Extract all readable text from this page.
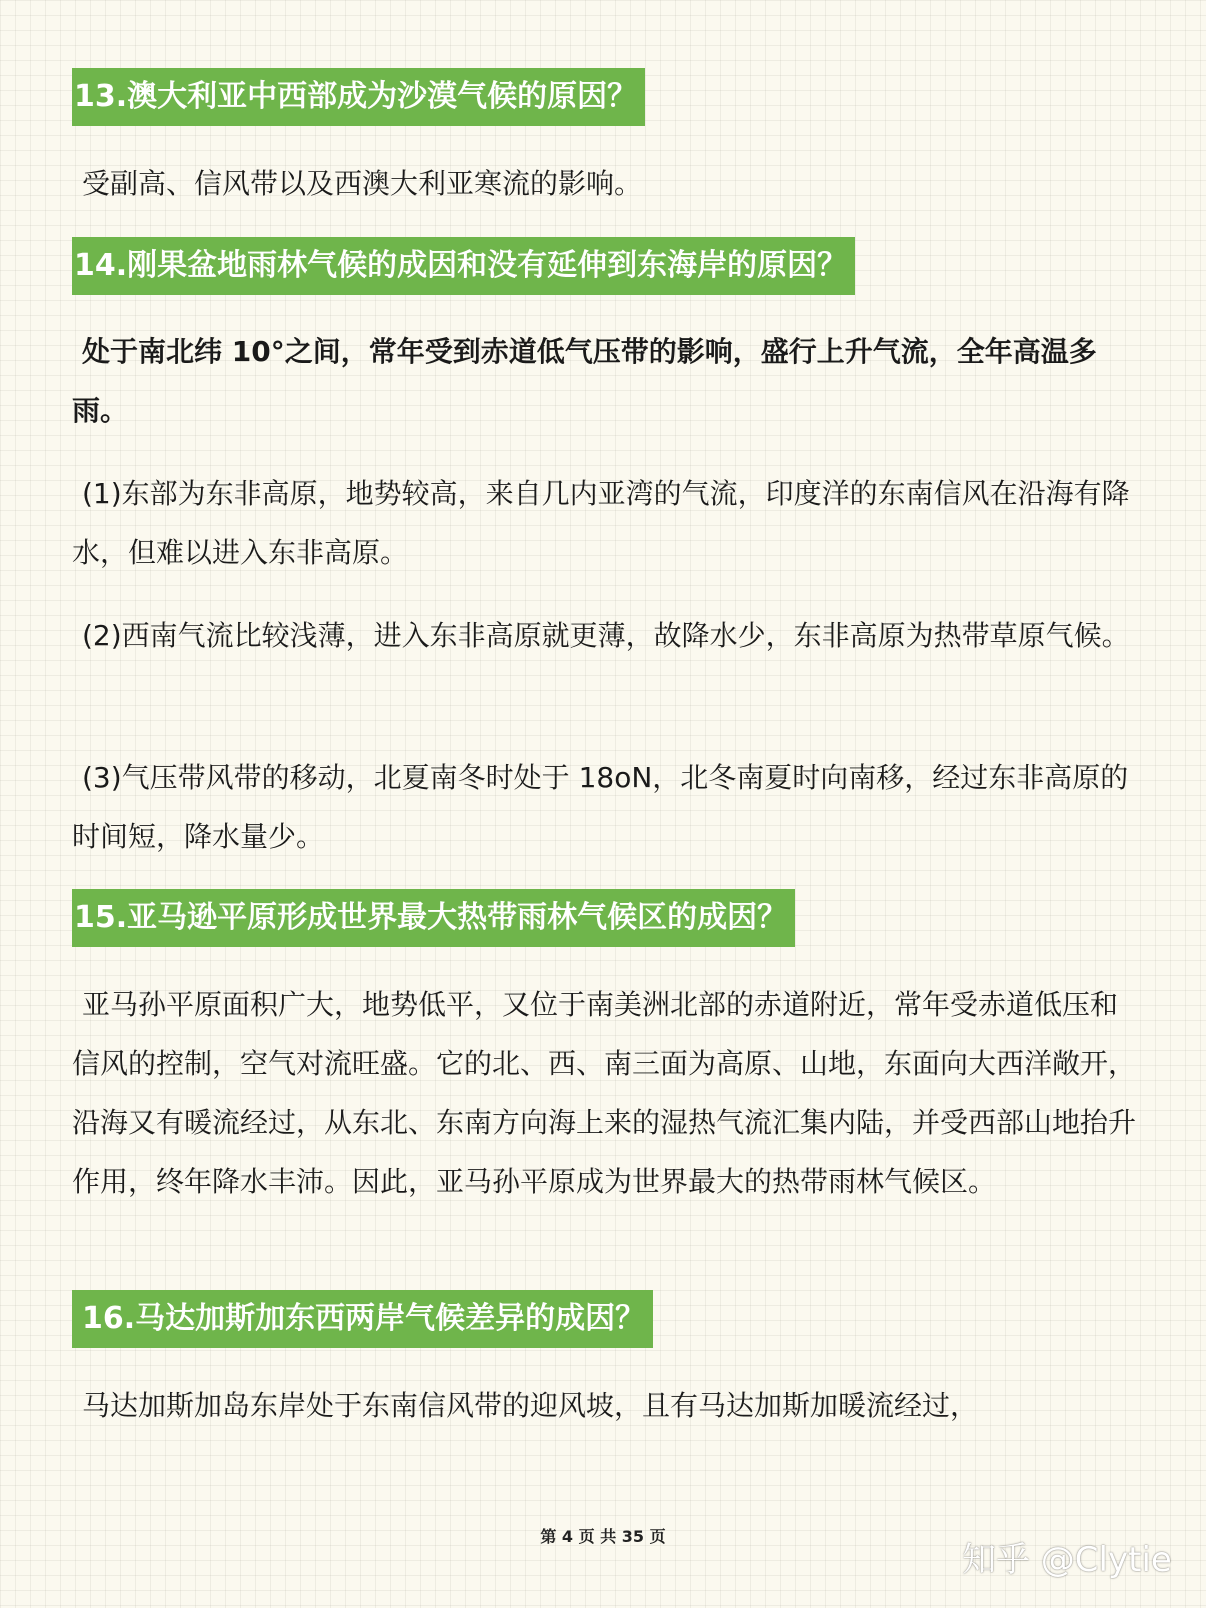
13.澳大利亚中西部成为沙漠气候的原因？

受副高、信风带以及西澳大利亚寒流的影响。

14.刚果盆地雨林气候的成因和没有延伸到东海岸的原因？

处于南北纬 10°之间，常年受到赤道低气压带的影响，盛行上升气流，全年高温多雨。

(1)东部为东非高原，地势较高，来自几内亚湾的气流，印度洋的东南信风在沿海有降水，但难以进入东非高原。

(2)西南气流比较浅薄，进入东非高原就更薄，故降水少，东非高原为热带草原气候。

(3)气压带风带的移动，北夏南冬时处于 18oN，北冬南夏时向南移，经过东非高原的时间短，降水量少。

15.亚马逊平原形成世界最大热带雨林气候区的成因？

亚马孙平原面积广大，地势低平，又位于南美洲北部的赤道附近，常年受赤道低压和信风的控制，空气对流旺盛。它的北、西、南三面为高原、山地，东面向大西洋敞开，沿海又有暖流经过，从东北、东南方向海上来的湿热气流汇集内陆，并受西部山地抬升作用，终年降水丰沛。因此，亚马孙平原成为世界最大的热带雨林气候区。

16.马达加斯加东西两岸气候差异的成因？

马达加斯加岛东岸处于东南信风带的迎风坡，且有马达加斯加暖流经过，

第 4 页 共 35 页
知乎 @Clytie
